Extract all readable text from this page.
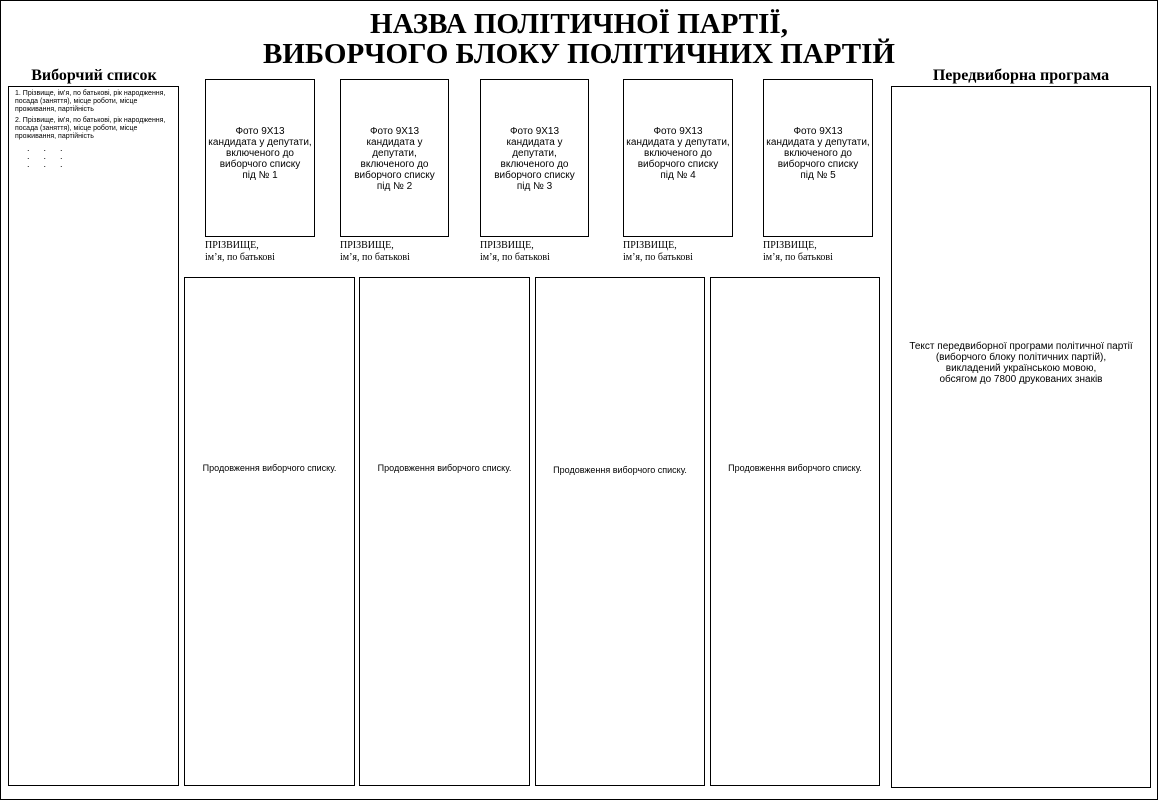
НАЗВА ПОЛІТИЧНОЇ ПАРТІЇ,
ВИБОРЧОГО БЛОКУ ПОЛІТИЧНИХ ПАРТІЙ
Виборчий список
1. Прізвище, ім’я, по батькові, рік народження, посада (заняття), місце роботи, місце проживання, партійність
2. Прізвище, ім’я, по батькові, рік народження, посада (заняття), місце роботи, місце проживання, партійність
. . .
. . .
. . .
Фото 9Х13
кандидата у депутати,
включеного до
виборчого списку
під № 1
ПРІЗВИЩЕ,
ім’я, по батькові
Фото 9Х13
кандидата у депутати,
включеного до
виборчого списку
під № 2
ПРІЗВИЩЕ,
ім’я, по батькові
Фото 9Х13
кандидата у депутати,
включеного до
виборчого списку
під № 3
ПРІЗВИЩЕ,
ім’я, по батькові
Фото 9Х13
кандидата у депутати,
включеного до
виборчого списку
під № 4
ПРІЗВИЩЕ,
ім’я, по батькові
Фото 9Х13
кандидата у депутати,
включеного до
виборчого списку
під № 5
ПРІЗВИЩЕ,
ім’я, по батькові
Продовження виборчого списку.	Продовження виборчого списку.	Продовження виборчого списку.	Продовження виборчого списку.
Передвиборна програма
Текст передвиборної програми політичної партії
(виборчого блоку політичних партій),
викладений українською мовою,
обсягом до 7800 друкованих знаків
